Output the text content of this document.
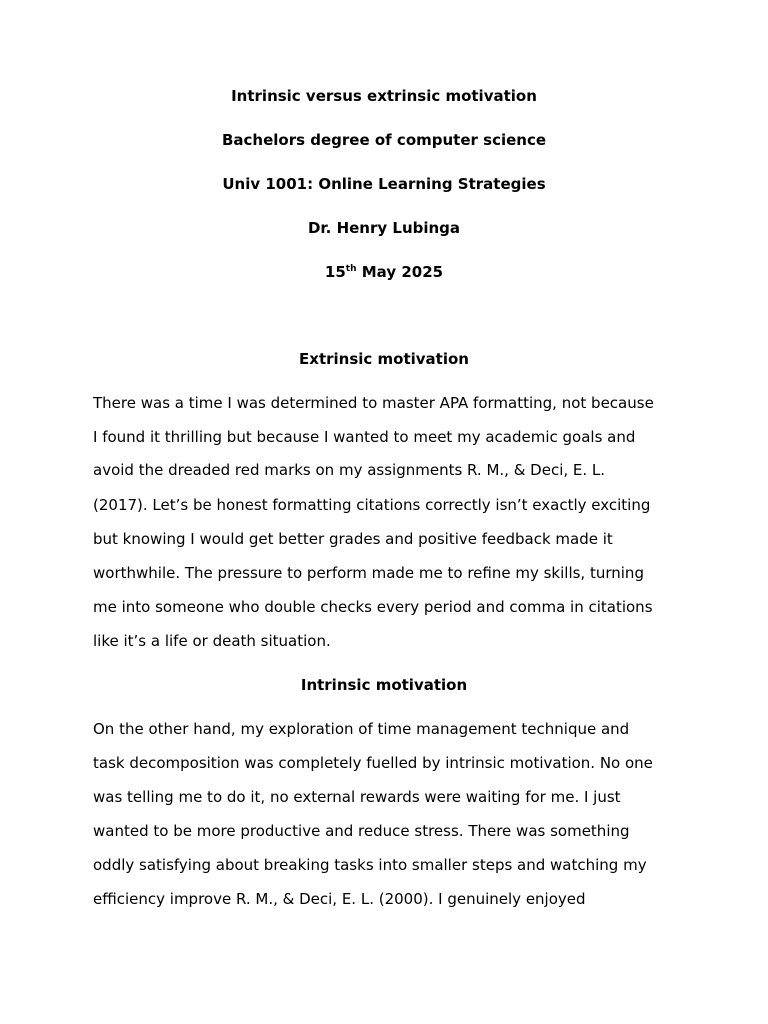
Intrinsic versus extrinsic motivation
Bachelors degree of computer science
Univ 1001: Online Learning Strategies
Dr. Henry Lubinga
15th May 2025
Extrinsic motivation
There was a time I was determined to master APA formatting, not because
I found it thrilling but because I wanted to meet my academic goals and
avoid the dreaded red marks on my assignments R. M., & Deci, E. L.
(2017). Let’s be honest formatting citations correctly isn’t exactly exciting
but knowing I would get better grades and positive feedback made it
worthwhile. The pressure to perform made me to refine my skills, turning
me into someone who double checks every period and comma in citations
like it’s a life or death situation.
Intrinsic motivation
On the other hand, my exploration of time management technique and
task decomposition was completely fuelled by intrinsic motivation. No one
was telling me to do it, no external rewards were waiting for me. I just
wanted to be more productive and reduce stress. There was something
oddly satisfying about breaking tasks into smaller steps and watching my
efficiency improve R. M., & Deci, E. L. (2000). I genuinely enjoyed
